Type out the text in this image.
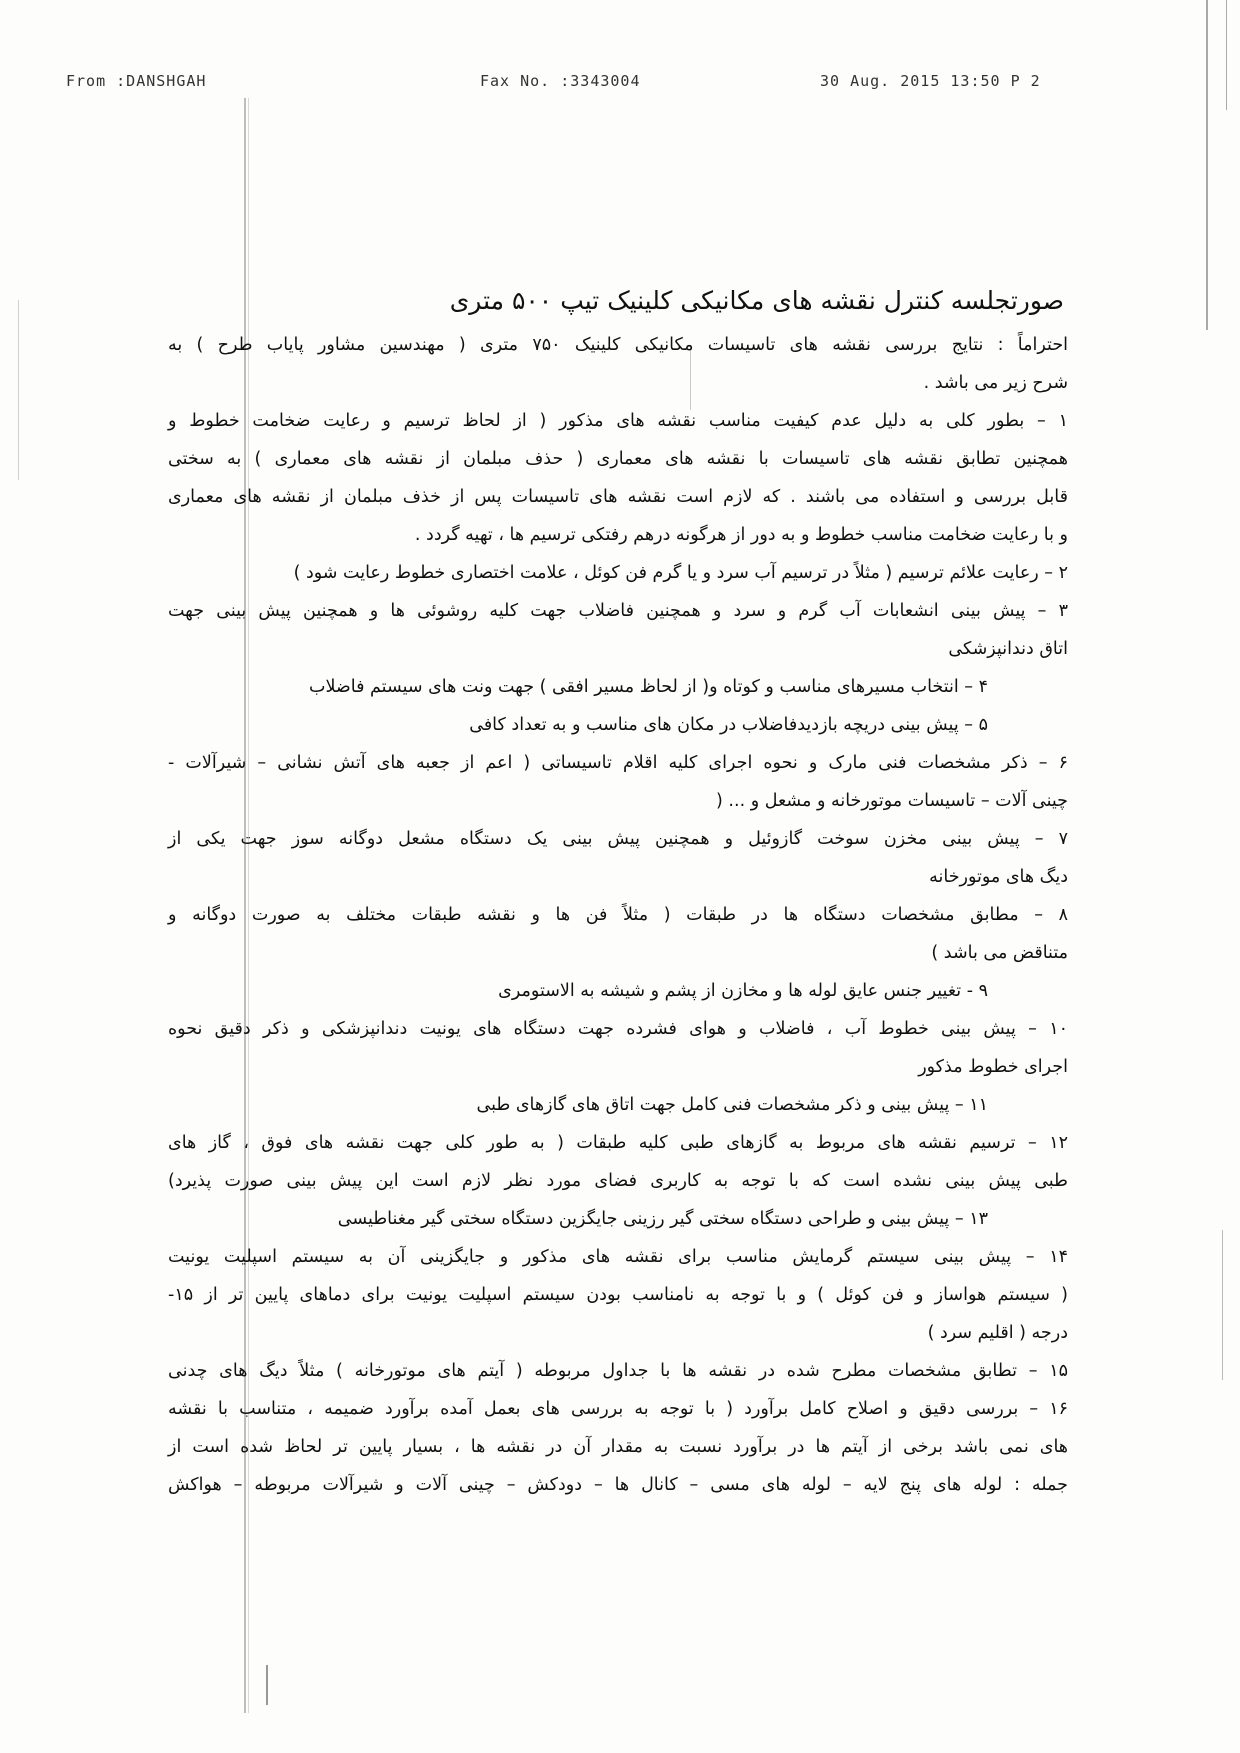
From :DANSHGAH	Fax No. :3343004	30 Aug. 2015 13:50 P 2
صورتجلسه کنترل نقشه های مکانیکی کلینیک تیپ ۵۰۰ متری
احتراماً : نتایج بررسی نقشه های تاسیسات مکانیکی کلینیک ۷۵۰ متری ( مهندسین مشاور پایاب طرح ) به
شرح زیر می باشد .
۱ – بطور کلی به دلیل عدم کیفیت مناسب نقشه های مذکور ( از لحاظ ترسیم و رعایت ضخامت خطوط و
همچنین تطابق نقشه های تاسیسات با نقشه های معماری ( حذف مبلمان از نقشه های معماری ) به سختی
قابل بررسی و استفاده می باشند . که لازم است نقشه های تاسیسات پس از خذف مبلمان از نقشه های معماری
و با رعایت ضخامت مناسب خطوط و به دور از هرگونه درهم رفتکی ترسیم ها ، تهیه گردد .
۲ – رعایت علائم ترسیم ( مثلاً در ترسیم آب سرد و یا گرم فن کوئل ، علامت اختصاری خطوط رعایت شود )
۳ – پیش بینی انشعابات آب گرم و سرد و همچنین فاضلاب جهت کلیه روشوئی ها و همچنین پیش بینی جهت
اتاق دندانپزشکی
۴ – انتخاب مسیرهای مناسب و کوتاه و( از لحاظ مسیر افقی ) جهت ونت های سیستم فاضلاب
۵ – پیش بینی دریچه بازدیدفاضلاب در مکان های مناسب و به تعداد کافی
۶ – ذکر مشخصات فنی مارک و نحوه اجرای کلیه اقلام تاسیساتی ( اعم از جعبه های آتش نشانی – شیرآلات -
چینی آلات – تاسیسات موتورخانه و مشعل و ... (
۷ – پیش بینی مخزن سوخت گازوئیل و همچنین پیش بینی یک دستگاه مشعل دوگانه سوز جهت یکی از
دیگ های موتورخانه
۸ – مطابق مشخصات دستگاه ها در طبقات ( مثلاً فن ها و نقشه طبقات مختلف به صورت دوگانه و
متناقض می باشد )
۹ - تغییر جنس عایق لوله ها و مخازن از پشم و شیشه به الاستومری
۱۰ – پیش بینی خطوط آب ، فاضلاب و هوای فشرده جهت دستگاه های یونیت دندانپزشکی و ذکر دقیق نحوه
اجرای خطوط مذکور
۱۱ – پیش بینی و ذکر مشخصات فنی کامل جهت اتاق های گازهای طبی
۱۲ – ترسیم نقشه های مربوط به گازهای طبی کلیه طبقات ( به طور کلی جهت نقشه های فوق ، گاز های
طبی پیش بینی نشده است که با توجه به کاربری فضای مورد نظر لازم است این پیش بینی صورت پذیرد)
۱۳ – پیش بینی و طراحی دستگاه سختی گیر رزینی جایگزین دستگاه سختی گیر مغناطیسی
۱۴ – پیش بینی سیستم گرمایش مناسب برای نقشه های مذکور و جایگزینی آن به سیستم اسپلیت یونیت
( سیستم هواساز و فن کوئل ) و با توجه به نامناسب بودن سیستم اسپلیت یونیت برای دماهای پایین تر از ۱۵-
درجه ( اقلیم سرد )
۱۵ – تطابق مشخصات مطرح شده در نقشه ها با جداول مربوطه ( آیتم های موتورخانه ) مثلاً دیگ های چدنی
۱۶ – بررسی دقیق و اصلاح کامل برآورد ( با توجه به بررسی های بعمل آمده برآورد ضمیمه ، متناسب با نقشه
های نمی باشد برخی از آیتم ها در برآورد نسبت به مقدار آن در نقشه ها ، بسیار پایین تر لحاظ شده است از
جمله : لوله های پنج لایه – لوله های مسی – کانال ها – دودکش – چینی آلات و شیرآلات مربوطه – هواکش
